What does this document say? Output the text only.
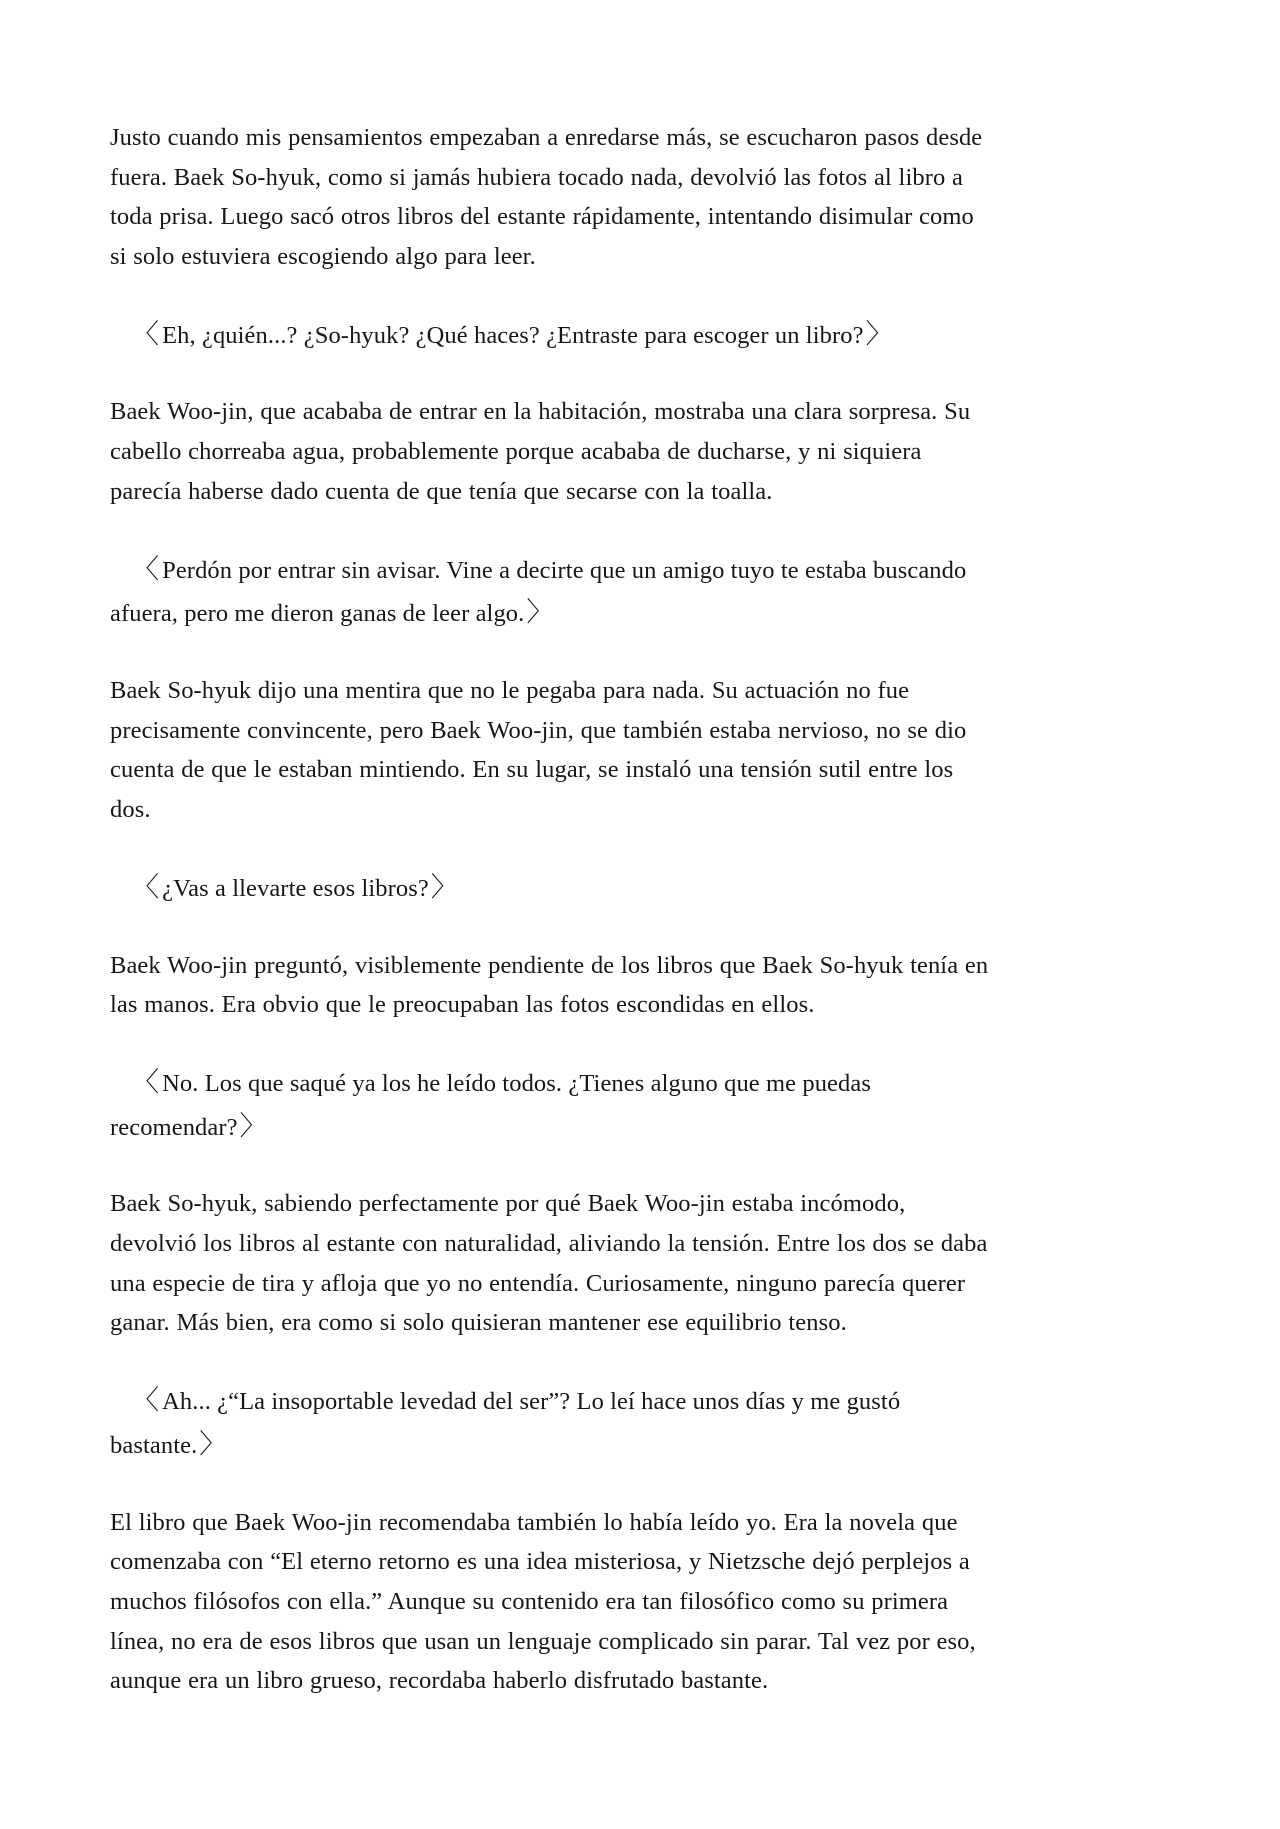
Justo cuando mis pensamientos empezaban a enredarse más, se escucharon pasos desde fuera. Baek So-hyuk, como si jamás hubiera tocado nada, devolvió las fotos al libro a toda prisa. Luego sacó otros libros del estante rápidamente, intentando disimular como si solo estuviera escogiendo algo para leer.

〈 Eh, ¿quién...? ¿So-hyuk? ¿Qué haces? ¿Entraste para escoger un libro?〉

Baek Woo-jin, que acababa de entrar en la habitación, mostraba una clara sorpresa. Su cabello chorreaba agua, probablemente porque acababa de ducharse, y ni siquiera parecía haberse dado cuenta de que tenía que secarse con la toalla.

〈 Perdón por entrar sin avisar. Vine a decirte que un amigo tuyo te estaba buscando afuera, pero me dieron ganas de leer algo.〉

Baek So-hyuk dijo una mentira que no le pegaba para nada. Su actuación no fue precisamente convincente, pero Baek Woo-jin, que también estaba nervioso, no se dio cuenta de que le estaban mintiendo. En su lugar, se instaló una tensión sutil entre los dos.

〈 ¿Vas a llevarte esos libros?〉

Baek Woo-jin preguntó, visiblemente pendiente de los libros que Baek So-hyuk tenía en las manos. Era obvio que le preocupaban las fotos escondidas en ellos.

〈 No. Los que saqué ya los he leído todos. ¿Tienes alguno que me puedas recomendar?〉

Baek So-hyuk, sabiendo perfectamente por qué Baek Woo-jin estaba incómodo, devolvió los libros al estante con naturalidad, aliviando la tensión. Entre los dos se daba una especie de tira y afloja que yo no entendía. Curiosamente, ninguno parecía querer ganar. Más bien, era como si solo quisieran mantener ese equilibrio tenso.

〈 Ah... ¿“La insoportable levedad del ser”? Lo leí hace unos días y me gustó bastante.〉

El libro que Baek Woo-jin recomendaba también lo había leído yo. Era la novela que comenzaba con “El eterno retorno es una idea misteriosa, y Nietzsche dejó perplejos a muchos filósofos con ella.” Aunque su contenido era tan filosófico como su primera línea, no era de esos libros que usan un lenguaje complicado sin parar. Tal vez por eso, aunque era un libro grueso, recordaba haberlo disfrutado bastante.
